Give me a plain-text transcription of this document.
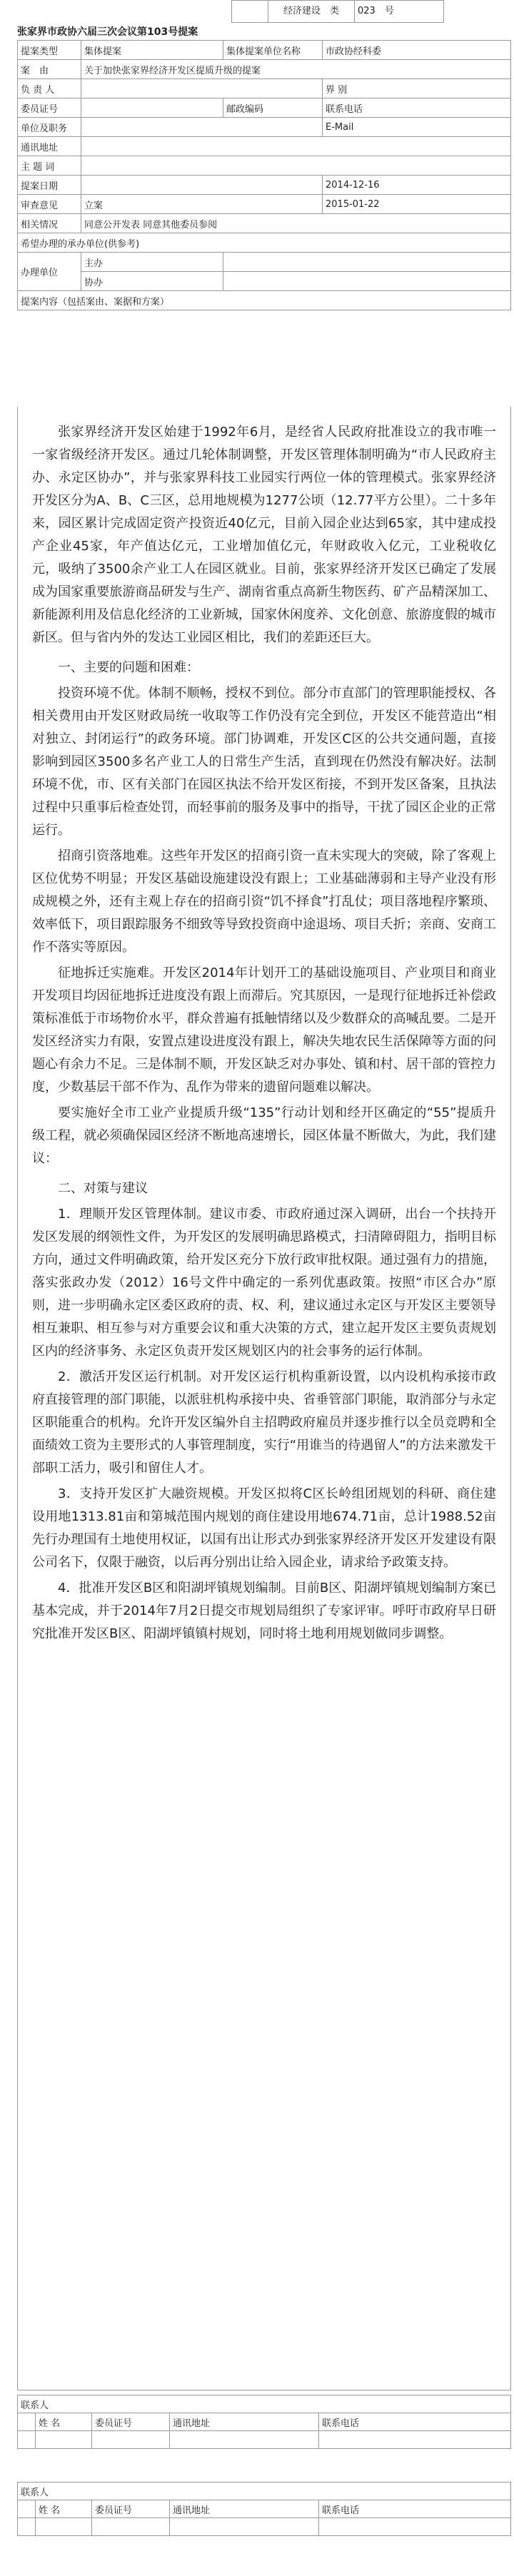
经济建设　类	023　号
张家界市政协六届三次会议第103号提案
提案类型	集体提案	集体提案单位名称	市政协经科委
案　由	关于加快张家界经济开发区提质升级的提案		
负 责 人			界 别
委员证号		邮政编码	联系电话
单位及职务			E-Mail
通讯地址			
主 题 词			
提案日期			2014-12-16
审查意见	立案		2015-01-22
相关情况	同意公开发表 同意其他委员参阅		
希望办理的承办单位(供参考)			
办理单位	主办		
	协办		
提案内容（包括案由、案据和方案）			

张家界经济开发区始建于1992年6月，是经省人民政府批准设立的我市唯一一家省级经济开发区。通过几轮体制调整，开发区管理体制明确为“市人民政府主办、永定区协办”，并与张家界科技工业园实行两位一体的管理模式。张家界经济开发区分为A、B、C三区，总用地规模为1277公顷（12.77平方公里）。二十多年来，园区累计完成固定资产投资近40亿元，目前入园企业达到65家，其中建成投产企业45家，年产值达亿元，工业增加值亿元，年财政收入亿元，工业税收亿元，吸纳了3500余产业工人在园区就业。目前，张家界经济开发区已确定了发展成为国家重要旅游商品研发与生产、湖南省重点高新生物医药、矿产品精深加工、新能源利用及信息化经济的工业新城，国家休闲度养、文化创意、旅游度假的城市新区。但与省内外的发达工业园区相比，我们的差距还巨大。

一、主要的问题和困难：

投资环境不优。体制不顺畅，授权不到位。部分市直部门的管理职能授权、各相关费用由开发区财政局统一收取等工作仍没有完全到位，开发区不能营造出“相对独立、封闭运行”的政务环境。部门协调难，开发区C区的公共交通问题，直接影响到园区3500多名产业工人的日常生产生活，直到现在仍然没有解决好。法制环境不优，市、区有关部门在园区执法不给开发区衔接，不到开发区备案，且执法过程中只重事后检查处罚，而轻事前的服务及事中的指导，干扰了园区企业的正常运行。

招商引资落地难。这些年开发区的招商引资一直未实现大的突破，除了客观上区位优势不明显；开发区基础设施建设没有跟上；工业基础薄弱和主导产业没有形成规模之外，还有主观上存在的招商引资“饥不择食”打乱仗；项目落地程序繁琐、效率低下，项目跟踪服务不细致等导致投资商中途退场、项目夭折；亲商、安商工作不落实等原因。

征地拆迁实施难。开发区2014年计划开工的基础设施项目、产业项目和商业开发项目均因征地拆迁进度没有跟上而滞后。究其原因，一是现行征地拆迁补偿政策标准低于市场物价水平，群众普遍有抵触情绪以及少数群众的高喊乱要。二是开发区经济实力有限，安置点建设进度没有跟上，解决失地农民生活保障等方面的问题心有余力不足。三是体制不顺，开发区缺乏对办事处、镇和村、居干部的管控力度，少数基层干部不作为、乱作为带来的遗留问题难以解决。

要实施好全市工业产业提质升级“135”行动计划和经开区确定的“55”提质升级工程，就必须确保园区经济不断地高速增长，园区体量不断做大，为此，我们建议：

二、对策与建议

1．理顺开发区管理体制。建议市委、市政府通过深入调研，出台一个扶持开发区发展的纲领性文件，为开发区的发展明确思路模式，扫清障碍阻力，指明目标方向，通过文件明确政策，给开发区充分下放行政审批权限。通过强有力的措施，落实张政办发（2012）16号文件中确定的一系列优惠政策。按照“市区合办”原则，进一步明确永定区委区政府的责、权、利，建议通过永定区与开发区主要领导相互兼职、相互参与对方重要会议和重大决策的方式，建立起开发区主要负责规划区内的经济事务、永定区负责开发区规划区内的社会事务的运行体制。

2．激活开发区运行机制。对开发区运行机构重新设置，以内设机构承接市政府直接管理的部门职能，以派驻机构承接中央、省垂管部门职能，取消部分与永定区职能重合的机构。允许开发区编外自主招聘政府雇员并逐步推行以全员竞聘和全面绩效工资为主要形式的人事管理制度，实行“用谁当的待遇留人”的方法来激发干部职工活力，吸引和留住人才。

3．支持开发区扩大融资规模。开发区拟将C区长岭组团规划的科研、商住建设用地1313.81亩和第城范围内规划的商住建设用地674.71亩，总计1988.52亩先行办理国有土地使用权证，以国有出让形式办到张家界经济开发区开发建设有限公司名下，仅限于融资，以后再分别出让给入园企业，请求给予政策支持。

4．批准开发区B区和阳湖坪镇规划编制。目前B区、阳湖坪镇规划编制方案已基本完成，并于2014年7月2日提交市规划局组织了专家评审。呼吁市政府早日研究批准开发区B区、阳湖坪镇镇村规划，同时将土地利用规划做同步调整。

联系人				
	姓 名	委员证号	通讯地址	联系电话

联系人				
	姓 名	委员证号	通讯地址	联系电话
